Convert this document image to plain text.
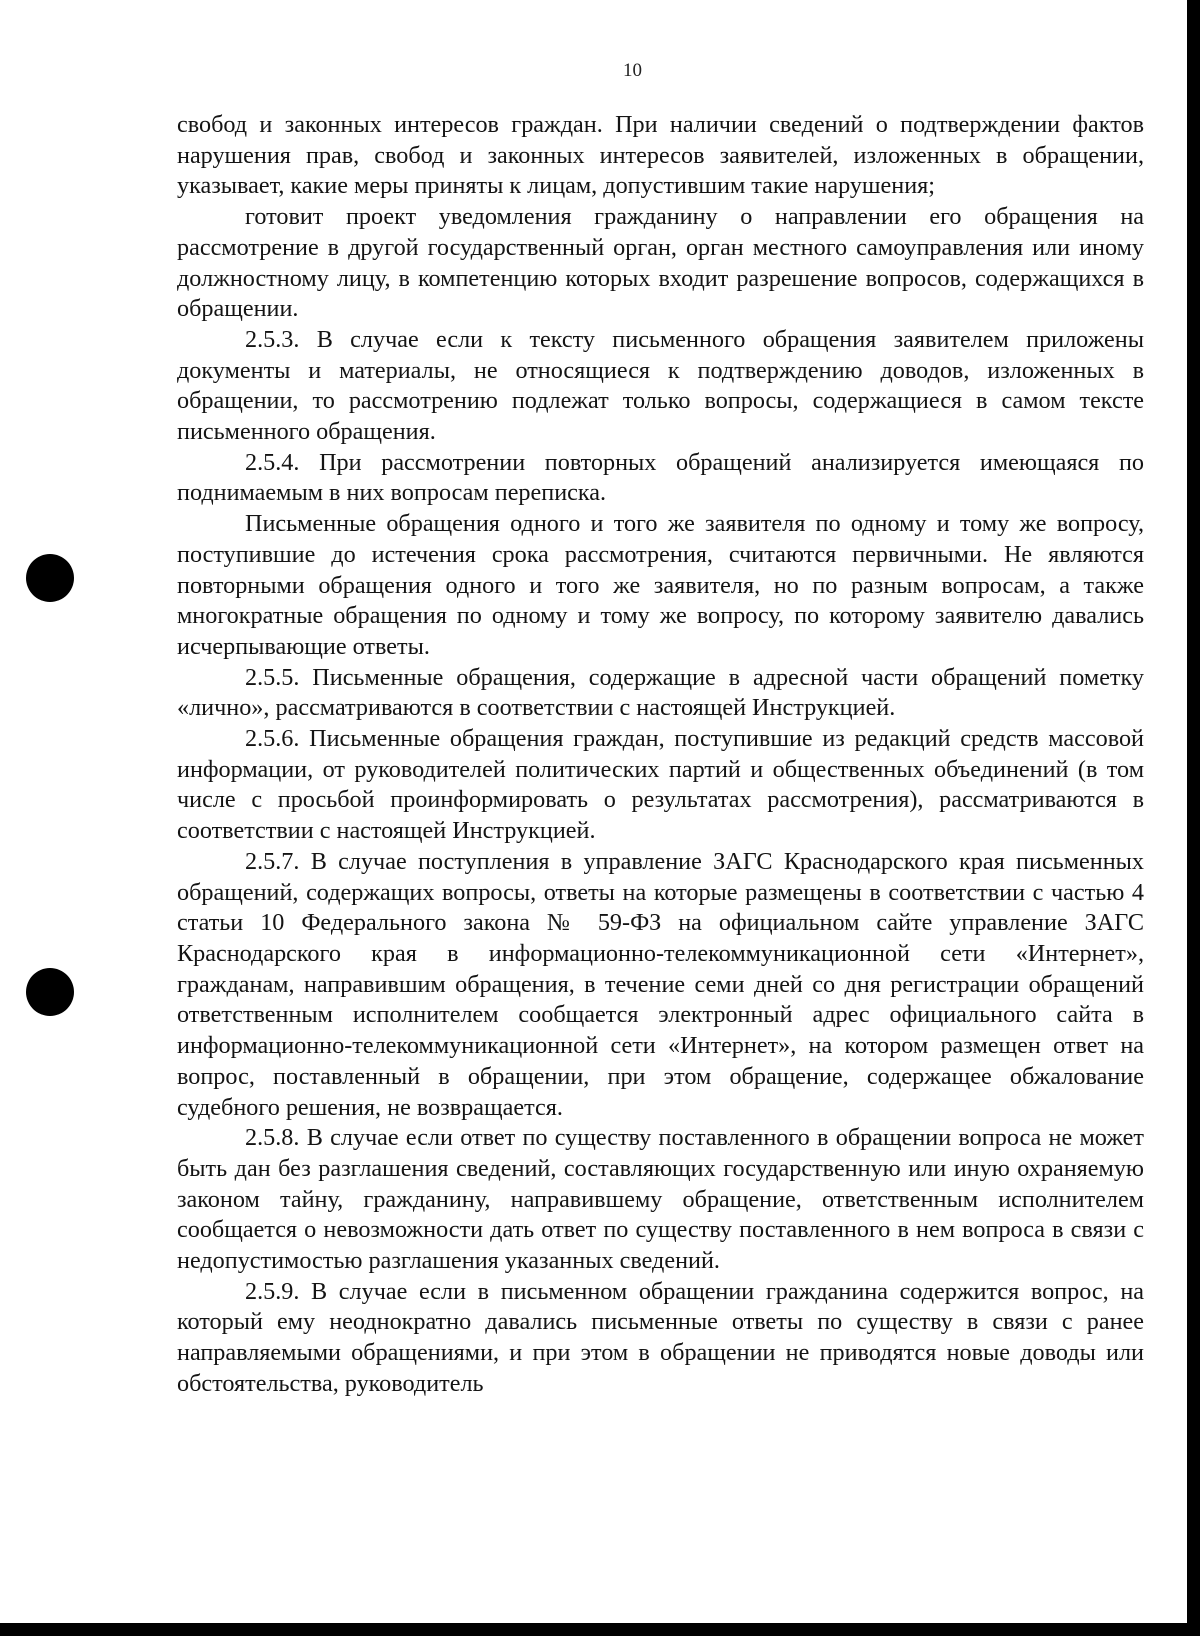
10

свобод и законных интересов граждан. При наличии сведений о подтверждении фактов нарушения прав, свобод и законных интересов заявителей, изложенных в обращении, указывает, какие меры приняты к лицам, допустившим такие нарушения;

готовит проект уведомления гражданину о направлении его обращения на рассмотрение в другой государственный орган, орган местного самоуправления или иному должностному лицу, в компетенцию которых входит разрешение вопросов, содержащихся в обращении.

2.5.3. В случае если к тексту письменного обращения заявителем приложены документы и материалы, не относящиеся к подтверждению доводов, изложенных в обращении, то рассмотрению подлежат только вопросы, содержащиеся в самом тексте письменного обращения.

2.5.4. При рассмотрении повторных обращений анализируется имеющаяся по поднимаемым в них вопросам переписка.

Письменные обращения одного и того же заявителя по одному и тому же вопросу, поступившие до истечения срока рассмотрения, считаются первичными. Не являются повторными обращения одного и того же заявителя, но по разным вопросам, а также многократные обращения по одному и тому же вопросу, по которому заявителю давались исчерпывающие ответы.

2.5.5. Письменные обращения, содержащие в адресной части обращений пометку «лично», рассматриваются в соответствии с настоящей Инструкцией.

2.5.6. Письменные обращения граждан, поступившие из редакций средств массовой информации, от руководителей политических партий и общественных объединений (в том числе с просьбой проинформировать о результатах рассмотрения), рассматриваются в соответствии с настоящей Инструкцией.

2.5.7. В случае поступления в управление ЗАГС Краснодарского края письменных обращений, содержащих вопросы, ответы на которые размещены в соответствии с частью 4 статьи 10 Федерального закона № 59-ФЗ на официальном сайте управление ЗАГС Краснодарского края в информационно-телекоммуникационной сети «Интернет», гражданам, направившим обращения, в течение семи дней со дня регистрации обращений ответственным исполнителем сообщается электронный адрес официального сайта в информационно-телекоммуникационной сети «Интернет», на котором размещен ответ на вопрос, поставленный в обращении, при этом обращение, содержащее обжалование судебного решения, не возвращается.

2.5.8. В случае если ответ по существу поставленного в обращении вопроса не может быть дан без разглашения сведений, составляющих государственную или иную охраняемую законом тайну, гражданину, направившему обращение, ответственным исполнителем сообщается о невозможности дать ответ по существу поставленного в нем вопроса в связи с недопустимостью разглашения указанных сведений.

2.5.9. В случае если в письменном обращении гражданина содержится вопрос, на который ему неоднократно давались письменные ответы по существу в связи с ранее направляемыми обращениями, и при этом в обращении не приводятся новые доводы или обстоятельства, руководитель
